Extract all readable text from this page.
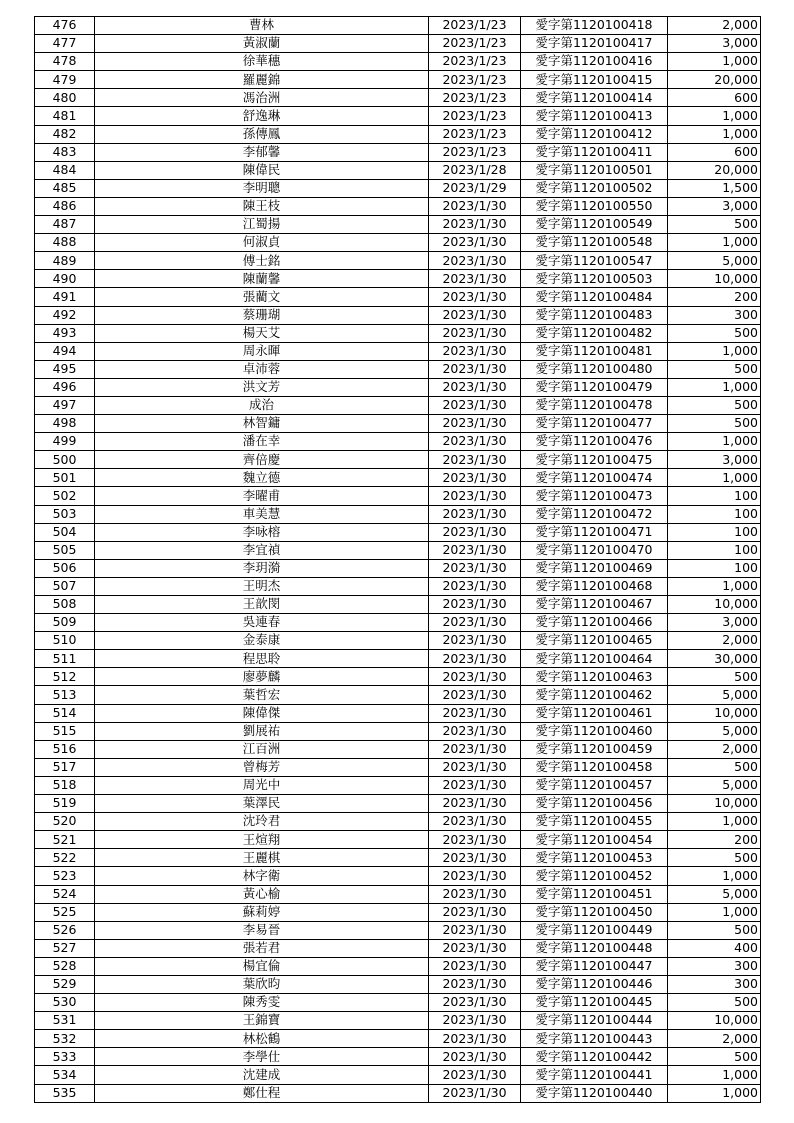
476	曹林	2023/1/23	愛字第1120100418	2,000
477	黃淑蘭	2023/1/23	愛字第1120100417	3,000
478	徐華穗	2023/1/23	愛字第1120100416	1,000
479	羅麗錦	2023/1/23	愛字第1120100415	20,000
480	馮治洲	2023/1/23	愛字第1120100414	600
481	舒逸琳	2023/1/23	愛字第1120100413	1,000
482	孫傳鳳	2023/1/23	愛字第1120100412	1,000
483	李郁馨	2023/1/23	愛字第1120100411	600
484	陳偉民	2023/1/28	愛字第1120100501	20,000
485	李明聰	2023/1/29	愛字第1120100502	1,500
486	陳王枝	2023/1/30	愛字第1120100550	3,000
487	江蜀揚	2023/1/30	愛字第1120100549	500
488	何淑貞	2023/1/30	愛字第1120100548	1,000
489	傅士銘	2023/1/30	愛字第1120100547	5,000
490	陳蘭馨	2023/1/30	愛字第1120100503	10,000
491	張藺文	2023/1/30	愛字第1120100484	200
492	蔡珊瑚	2023/1/30	愛字第1120100483	300
493	楊天艾	2023/1/30	愛字第1120100482	500
494	周永暉	2023/1/30	愛字第1120100481	1,000
495	卓沛蓉	2023/1/30	愛字第1120100480	500
496	洪文芳	2023/1/30	愛字第1120100479	1,000
497	成治	2023/1/30	愛字第1120100478	500
498	林智鏞	2023/1/30	愛字第1120100477	500
499	潘在幸	2023/1/30	愛字第1120100476	1,000
500	齊倍慶	2023/1/30	愛字第1120100475	3,000
501	魏立德	2023/1/30	愛字第1120100474	1,000
502	李曜甫	2023/1/30	愛字第1120100473	100
503	車美慧	2023/1/30	愛字第1120100472	100
504	李咏榕	2023/1/30	愛字第1120100471	100
505	李宜禎	2023/1/30	愛字第1120100470	100
506	李玥漪	2023/1/30	愛字第1120100469	100
507	王明杰	2023/1/30	愛字第1120100468	1,000
508	王歆閔	2023/1/30	愛字第1120100467	10,000
509	吳連春	2023/1/30	愛字第1120100466	3,000
510	金泰康	2023/1/30	愛字第1120100465	2,000
511	程思聆	2023/1/30	愛字第1120100464	30,000
512	廖夢麟	2023/1/30	愛字第1120100463	500
513	葉哲宏	2023/1/30	愛字第1120100462	5,000
514	陳偉傑	2023/1/30	愛字第1120100461	10,000
515	劉展祐	2023/1/30	愛字第1120100460	5,000
516	江百洲	2023/1/30	愛字第1120100459	2,000
517	曾梅芳	2023/1/30	愛字第1120100458	500
518	周光中	2023/1/30	愛字第1120100457	5,000
519	葉澤民	2023/1/30	愛字第1120100456	10,000
520	沈玲君	2023/1/30	愛字第1120100455	1,000
521	王煊翔	2023/1/30	愛字第1120100454	200
522	王麗棋	2023/1/30	愛字第1120100453	500
523	林字衛	2023/1/30	愛字第1120100452	1,000
524	黃心榆	2023/1/30	愛字第1120100451	5,000
525	蘇莉婷	2023/1/30	愛字第1120100450	1,000
526	李易晉	2023/1/30	愛字第1120100449	500
527	張若君	2023/1/30	愛字第1120100448	400
528	楊宜倫	2023/1/30	愛字第1120100447	300
529	葉欣昀	2023/1/30	愛字第1120100446	300
530	陳秀雯	2023/1/30	愛字第1120100445	500
531	王錦寶	2023/1/30	愛字第1120100444	10,000
532	林松鶴	2023/1/30	愛字第1120100443	2,000
533	李學仕	2023/1/30	愛字第1120100442	500
534	沈建成	2023/1/30	愛字第1120100441	1,000
535	鄭仕程	2023/1/30	愛字第1120100440	1,000
